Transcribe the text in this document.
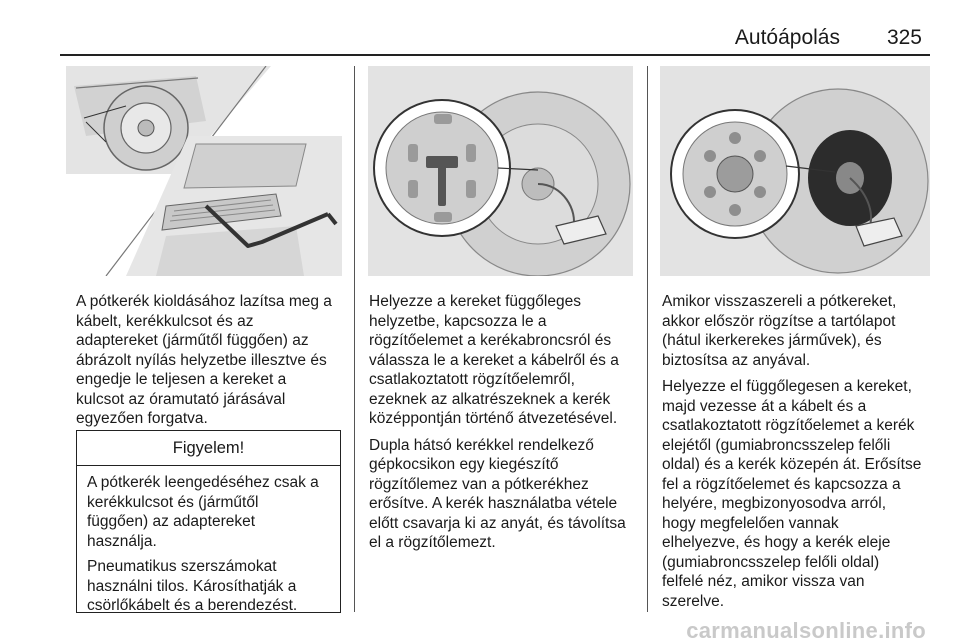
Autóápolás 325

A pótkerék kioldásához lazítsa meg a
kábelt, kerékkulcsot és az
adaptereket (járműtől függően) az
ábrázolt nyílás helyzetbe illesztve és
engedje le teljesen a kereket a
kulcsot az óramutató járásával
egyezően forgatva.

Figyelem!

A pótkerék leengedéséhez csak a
kerékkulcsot és (járműtől
függően) az adaptereket
használja.

Pneumatikus szerszámokat
használni tilos. Károsíthatják a
csörlőkábelt és a berendezést.

Helyezze a kereket függőleges
helyzetbe, kapcsozza le a
rögzítőelemet a kerékabroncsról és
válassza le a kereket a kábelről és a
csatlakoztatott rögzítőelemről,
ezeknek az alkatrészeknek a kerék
középpontján történő átvezetésével.

Dupla hátsó kerékkel rendelkező
gépkocsikon egy kiegészítő
rögzítőlemez van a pótkerékhez
erősítve. A kerék használatba vétele
előtt csavarja ki az anyát, és távolítsa
el a rögzítőlemezt.

Amikor visszaszereli a pótkereket,
akkor először rögzítse a tartólapot
(hátul ikerkerekes járművek), és
biztosítsa az anyával.

Helyezze el függőlegesen a kereket,
majd vezesse át a kábelt és a
csatlakoztatott rögzítőelemet a kerék
elejétől (gumiabroncsszelep felőli
oldal) és a kerék közepén át. Erősítse
fel a rögzítőelemet és kapcsozza a
helyére, megbizonyosodva arról,
hogy megfelelően vannak
elhelyezve, és hogy a kerék eleje
(gumiabroncsszelep felőli oldal)
felfelé néz, amikor vissza van
szerelve.

carmanualsonline.info
